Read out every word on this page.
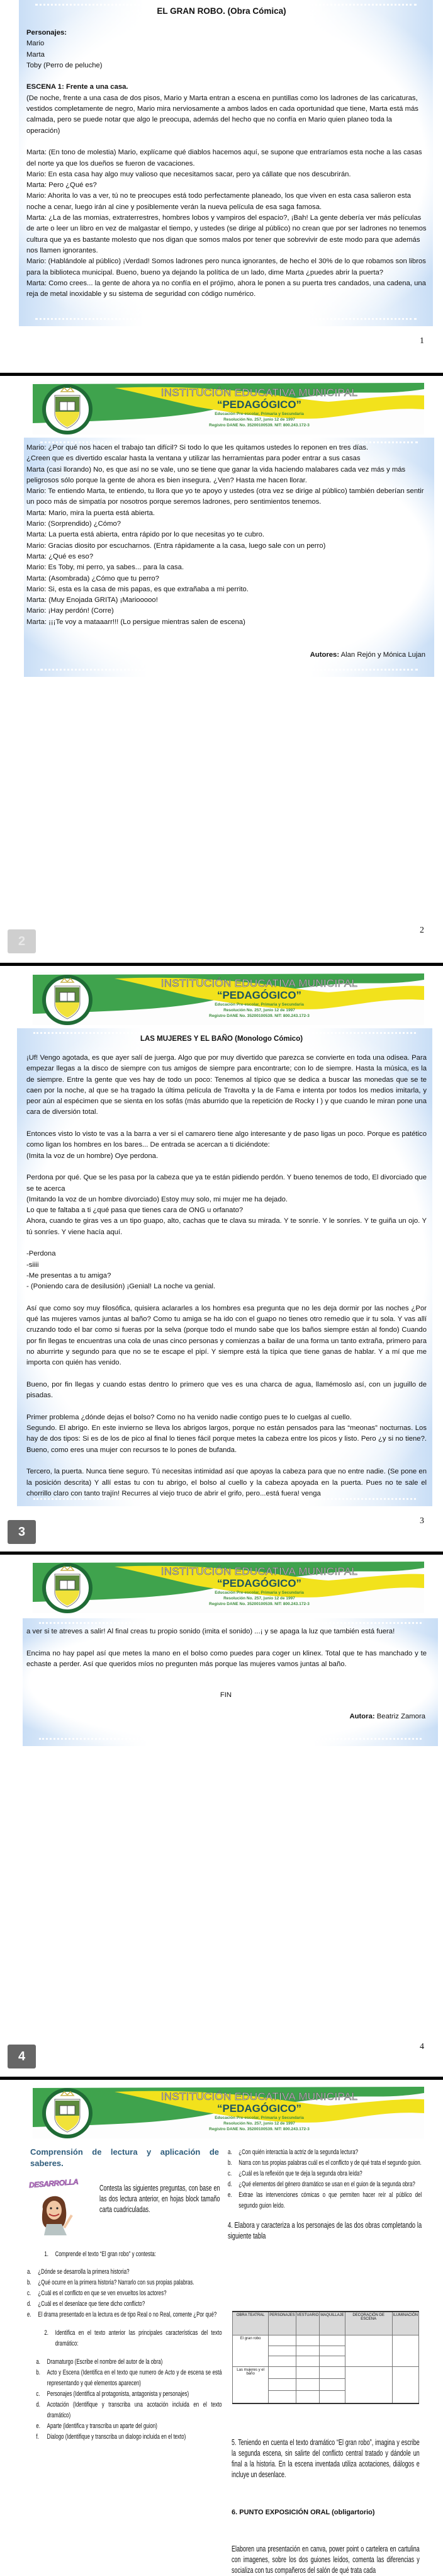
EL GRAN ROBO. (Obra Cómica)

Personajes:

Mario

Marta

Toby (Perro de peluche)

ESCENA 1: Frente a una casa.

(De noche, frente a una casa de dos pisos, Mario y Marta entran a escena en puntillas como los ladrones de las caricaturas, vestidos completamente de negro, Mario mira nerviosamente a ambos lados en cada oportunidad que tiene, Marta está más calmada, pero se puede notar que algo le preocupa, además del hecho que no confía en Mario quien planeo toda la operación)

Marta: (En tono de molestia) Mario, explícame qué diablos hacemos aquí, se supone que entraríamos esta noche a las casas del norte ya que los dueños se fueron de vacaciones.

Mario: En esta casa hay algo muy valioso que necesitamos sacar, pero ya cállate que nos descubrirán.

Marta: Pero ¿Qué es?

Mario: Ahorita lo vas a ver, tú no te preocupes está todo perfectamente planeado, los que viven en esta casa salieron esta noche a cenar, luego irán al cine y posiblemente verán la nueva película de esa saga famosa.

Marta: ¿La de las momias, extraterrestres, hombres lobos y vampiros del espacio?, ¡Bah! La gente debería ver más películas de arte o leer un libro en vez de malgastar el tiempo, y ustedes (se dirige al público) no crean que por ser ladrones no tenemos cultura que ya es bastante molesto que nos digan que somos malos por tener que sobrevivir de este modo para que además nos llamen ignorantes.

Mario: (Hablándole al público) ¡Verdad! Somos ladrones pero nunca ignorantes, de hecho el 30% de lo que robamos son libros para la biblioteca municipal. Bueno, bueno ya dejando la política de un lado, dime Marta ¿puedes abrir la puerta?

Marta: Como crees... la gente de ahora ya no confía en el prójimo, ahora le ponen a su puerta tres candados, una cadena, una reja de metal inoxidable y su sistema de seguridad con código numérico.

1
INSTITUCIÓN EDUCATIVA MUNICIPAL
“PEDAGÓGICO”
Educación Pre-escolar, Primaria y Secundaria
Resolución No. 257, junio 12 de 1997
Registro DANE No. 35200100539. NIT: 800.243.172-3

Mario: ¿Por qué nos hacen el trabajo tan difícil? Si todo lo que les quitamos ustedes lo reponen en tres días.

¿Creen que es divertido escalar hasta la ventana y utilizar las herramientas para poder entrar a sus casas

Marta (casi llorando) No, es que así no se vale, uno se tiene que ganar la vida haciendo malabares cada vez más y más peligrosos sólo porque la gente de ahora es bien insegura. ¿Ven? Hasta me hacen llorar.

Mario: Te entiendo Marta, te entiendo, tu llora que yo te apoyo y ustedes (otra vez se dirige al público) también deberían sentir un poco más de simpatía por nosotros porque seremos ladrones, pero sentimientos tenemos.

Marta: Mario, mira la puerta está abierta.

Mario: (Sorprendido) ¿Cómo?

Marta: La puerta está abierta, entra rápido por lo que necesitas yo te cubro.

Mario: Gracias diosito por escucharnos. (Entra rápidamente a la casa, luego sale con un perro)

Marta: ¿Qué es eso?

Mario: Es Toby, mi perro, ya sabes... para la casa.

Marta: (Asombrada) ¿Cómo que tu perro?

Mario: Si, esta es la casa de mis papas, es que extrañaba a mi perrito.

Marta: (Muy Enojada GRITA) ¡Mariooooo!

Mario: ¡Hay perdón! (Corre)

Marta: ¡¡¡Te voy a mataaarr!!! (Lo persigue mientras salen de escena)

Autores: Alan Rejón y Mónica Lujan
2
2
INSTITUCIÓN EDUCATIVA MUNICIPAL
“PEDAGÓGICO”
Educación Pre-escolar, Primaria y Secundaria
Resolución No. 257, junio 12 de 1997
Registro DANE No. 35200100539. NIT: 800.243.172-3
LAS MUJERES Y EL BAÑO (Monologo Cómico)

¡Uf! Vengo agotada, es que ayer salí de juerga. Algo que por muy divertido que parezca se convierte en toda una odisea. Para empezar llegas a la disco de siempre con tus amigos de siempre para encontrarte; con lo de siempre. Hasta la música, es la de siempre. Entre la gente que ves hay de todo un poco: Tenemos al típico que se dedica a buscar las monedas que se te caen por la noche, al que se ha tragado la última película de Travolta y la de Fama e intenta por todos los medios imitarla, y peor aún al espécimen que se sienta en los sofás (más aburrido que la repetición de Rocky I ) y que cuando le miran pone una cara de diversión total.

Entonces visto lo visto te vas a la barra a ver si el camarero tiene algo interesante y de paso ligas un poco. Porque es patético como ligan los hombres en los bares... De entrada se acercan a ti diciéndote:

(Imita la voz de un hombre) Oye perdona.

Perdona por qué. Que se les pasa por la cabeza que ya te están pidiendo perdón. Y bueno tenemos de todo, El divorciado que se te acerca

(Imitando la voz de un hombre divorciado) Estoy muy solo, mi mujer me ha dejado.

Lo que te faltaba a ti ¿qué pasa que tienes cara de ONG u orfanato?

Ahora, cuando te giras ves a un tipo guapo, alto, cachas que te clava su mirada. Y te sonríe. Y le sonríes. Y te guiña un ojo. Y tú sonríes. Y viene hacía aquí.

-Perdona

-siiii

-Me presentas a tu amiga?

- (Poniendo cara de desilusión) ¡Genial! La noche va genial.

Así que como soy muy filosófica, quisiera aclararles a los hombres esa pregunta que no les deja dormir por las noches ¿Por qué las mujeres vamos juntas al baño? Como tu amiga se ha ido con el guapo no tienes otro remedio que ir tu sola. Y vas allí cruzando todo el bar como si fueras por la selva (porque todo el mundo sabe que los baños siempre están al fondo) Cuando por fin llegas te encuentras una cola de unas cinco personas y comienzas a bailar de una forma un tanto extraña, primero para no aburrirte y segundo para que no se te escape el pipí. Y siempre está la típica que tiene ganas de hablar. Y a mí que me importa con quién has venido.

Bueno, por fin llegas y cuando estas dentro lo primero que ves es una charca de agua, llamémoslo así, con un juguillo de pisadas.

Primer problema ¿dónde dejas el bolso? Como no ha venido nadie contigo pues te lo cuelgas al cuello.

Segundo. El abrigo. En este invierno se lleva los abrigos largos, porque no están pensados para las “meonas” nocturnas. Los hay de dos tipos: Si es de los de pico al final lo tienes fácil porque metes la cabeza entre los picos y listo. Pero ¿y si no tiene?. Bueno, como eres una mujer con recursos te lo pones de bufanda.

Tercero, la puerta. Nunca tiene seguro. Tú necesitas intimidad así que apoyas la cabeza para que no entre nadie. (Se pone en la posición descrita) Y allí estas tu con tu abrigo, el bolso al cuello y la cabeza apoyada en la puerta. Pues no te sale el chorrillo claro con tanto trajín! Recurres al viejo truco de abrir el grifo, pero...está fuera! venga

3
3
INSTITUCIÓN EDUCATIVA MUNICIPAL
“PEDAGÓGICO”
Educación Pre-escolar, Primaria y Secundaria
Resolución No. 257, junio 12 de 1997
Registro DANE No. 35200100539. NIT: 800.243.172-3

a ver si te atreves a salir! Al final creas tu propio sonido (imita el sonido) ...¡ y se apaga la luz que también está fuera!

Encima no hay papel así que metes la mano en el bolso como puedes para coger un klinex. Total que te has manchado y te echaste a perder. Así que queridos míos no pregunten más porque las mujeres vamos juntas al baño.

FIN
Autora: Beatriz Zamora
4
4
INSTITUCIÓN EDUCATIVA MUNICIPAL
“PEDAGÓGICO”
Educación Pre-escolar, Primaria y Secundaria
Resolución No. 257, junio 12 de 1997
Registro DANE No. 35200100539. NIT: 800.243.172-3
Comprensión de lectura y aplicación de saberes.
DESARROLLA	Contesta las siguientes preguntas, con base en las dos lectura anterior, en hojas block tamaño carta cuadriculadas.

1. Comprende el texto “El gran robo” y contesta:

a. ¿Dónde se desarrolla la primera historia?

b. ¿Qué ocurre en la primera historia? Narrarlo con sus propias palabras.

c.	¿Cuál es el conflicto en que se ven envueltos los actores?

d. ¿Cuál es el desenlace que tiene dicho conflicto?

e. El drama presentado en la lectura es de tipo Real o no Real, comente ¿Por qué?

2. Identifica en el texto anterior las principales características del texto dramático:

a. Dramaturgo (Escribe el nombre del autor de la obra)

b. Acto y Escena (Identifica en el texto que numero de Acto y de escena se está representando y qué elementos aparecen)

c.	Personajes (Identifica al protagonista, antagonista y personajes)

d. Acotación (Identifique y transcriba una acotación incluida en el texto dramático)

e. Aparte (identifica y transcriba un aparte del guion)

f.	Dialogo (Identifique y transcriba un dialogo incluida en el texto)

a. ¿Con quién interactúa la actriz de la segunda lectura?

b. Narra con tus propias palabras cuál es el conflicto y de qué trata el segundo guion.

c.	¿Cuál es la reflexión que te deja la segunda obra leída?

d. ¿Qué elementos del género dramático se usan en el guion de la segunda obra?

e. Extrae las intervenciones cómicas o que permiten hacer reír al público del segundo guion leído.

4. Elabora y caracteriza a los personajes de las dos obras completando la siguiente tabla

OBRA TEATRAL	PERSONAJES	VESTUARIO	MAQUILLAJE	DECORACIÓN DE ESCENA	ILUMINACIÓN
El gran robo					

Las mujeres y el baño					

5. Teniendo en cuenta el texto dramático “El gran robo”, imagina y escribe la segunda escena, sin salirte del conflicto central tratado y dándole un final a la historia. En la escena inventada utiliza acotaciones, diálogos e incluye un desenlace.

6. PUNTO EXPOSICIÓN ORAL (obligartorio)

Elaboren una presentación en canva, power point o cartelera en cartulina con imagenes, sobre los dos guiones leídos, comenta las diferencias y socializa con tus compañeros del salón de qué trata cada
